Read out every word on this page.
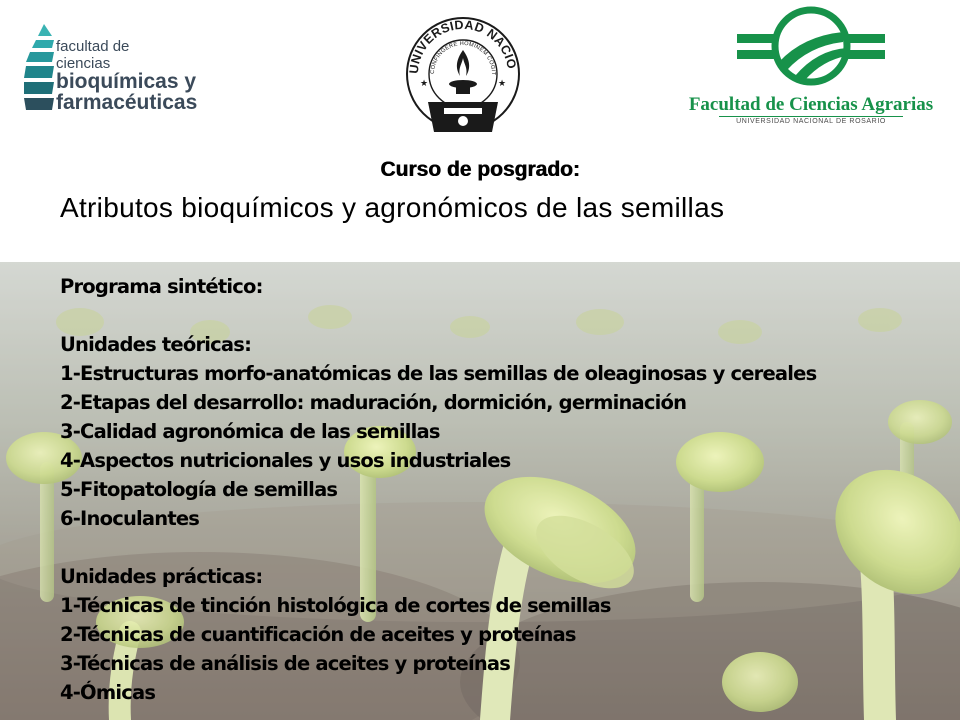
facultad de
ciencias
bioquímicas y
farmacéuticas
UNIVERSIDAD NACIO
CONFINGERE HOMINEM COGIT
★	★
Facultad de Ciencias Agrarias
UNIVERSIDAD NACIONAL DE ROSARIO
Curso de posgrado:
Atributos bioquímicos y agronómicos de las semillas
Programa sintético:
Unidades teóricas:
1-Estructuras morfo-anatómicas de las semillas de oleaginosas y cereales
2-Etapas del desarrollo: maduración, dormición, germinación
3-Calidad agronómica de las semillas
4-Aspectos nutricionales y usos industriales
5-Fitopatología de semillas
6-Inoculantes
Unidades prácticas:
1-Técnicas de tinción histológica de cortes de semillas
2-Técnicas de cuantificación de aceites y proteínas
3-Técnicas de análisis de aceites y proteínas
4-Ómicas
